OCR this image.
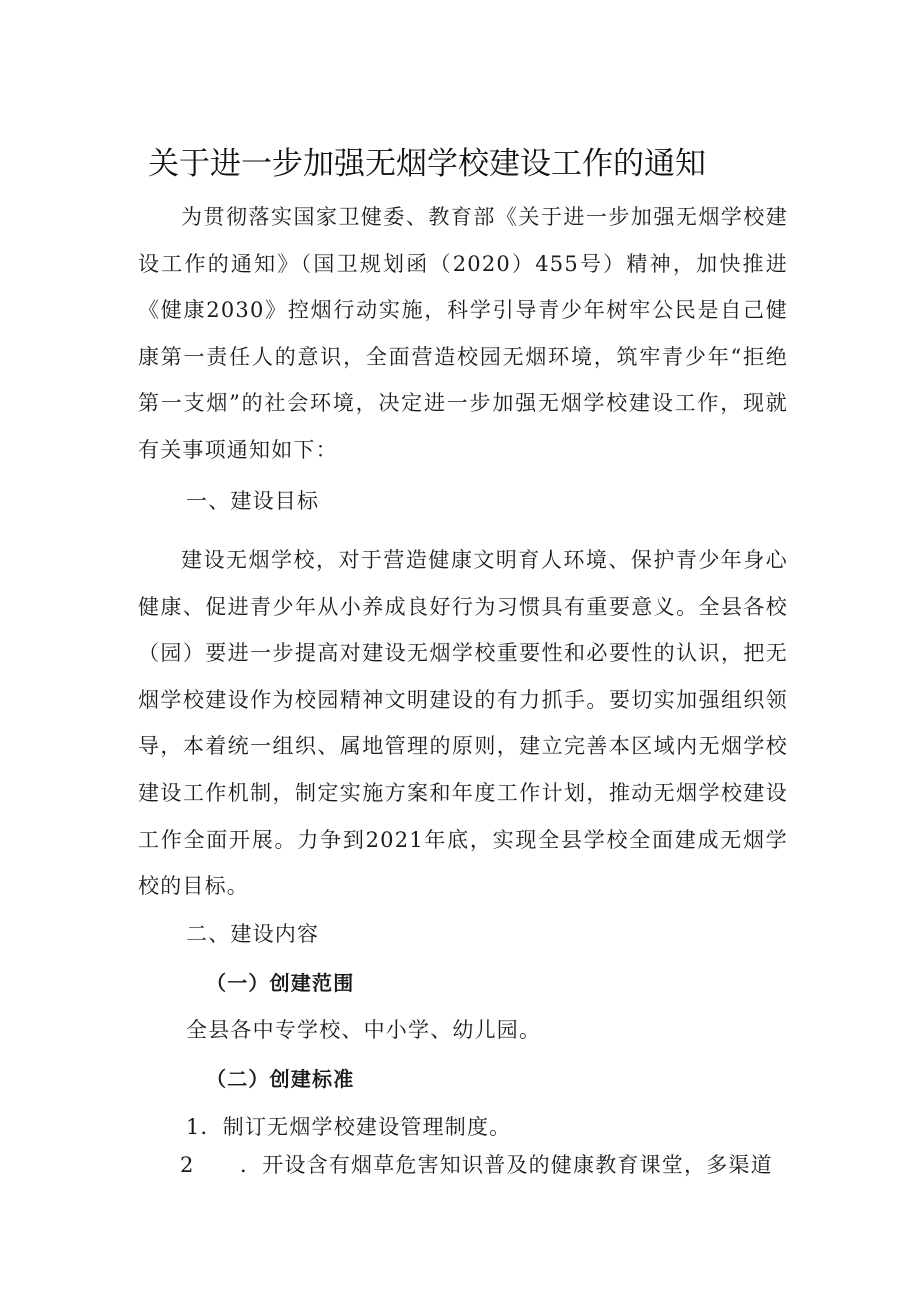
关于进一步加强无烟学校建设工作的通知
为贯彻落实国家卫健委、教育部《关于进一步加强无烟学校建设工作的通知》（国卫规划函（2020）455号）精神，加快推进《健康2030》控烟行动实施，科学引导青少年树牢公民是自己健康第一责任人的意识，全面营造校园无烟环境，筑牢青少年“拒绝第一支烟”的社会环境，决定进一步加强无烟学校建设工作，现就有关事项通知如下：
一、建设目标
建设无烟学校，对于营造健康文明育人环境、保护青少年身心健康、促进青少年从小养成良好行为习惯具有重要意义。全县各校（园）要进一步提高对建设无烟学校重要性和必要性的认识，把无烟学校建设作为校园精神文明建设的有力抓手。要切实加强组织领导，本着统一组织、属地管理的原则，建立完善本区域内无烟学校建设工作机制，制定实施方案和年度工作计划，推动无烟学校建设工作全面开展。力争到2021年底，实现全县学校全面建成无烟学校的目标。
二、建设内容
（一）创建范围
全县各中专学校、中小学、幼儿园。
（二）创建标准
1．制订无烟学校建设管理制度。
2 ．开设含有烟草危害知识普及的健康教育课堂，多渠道
